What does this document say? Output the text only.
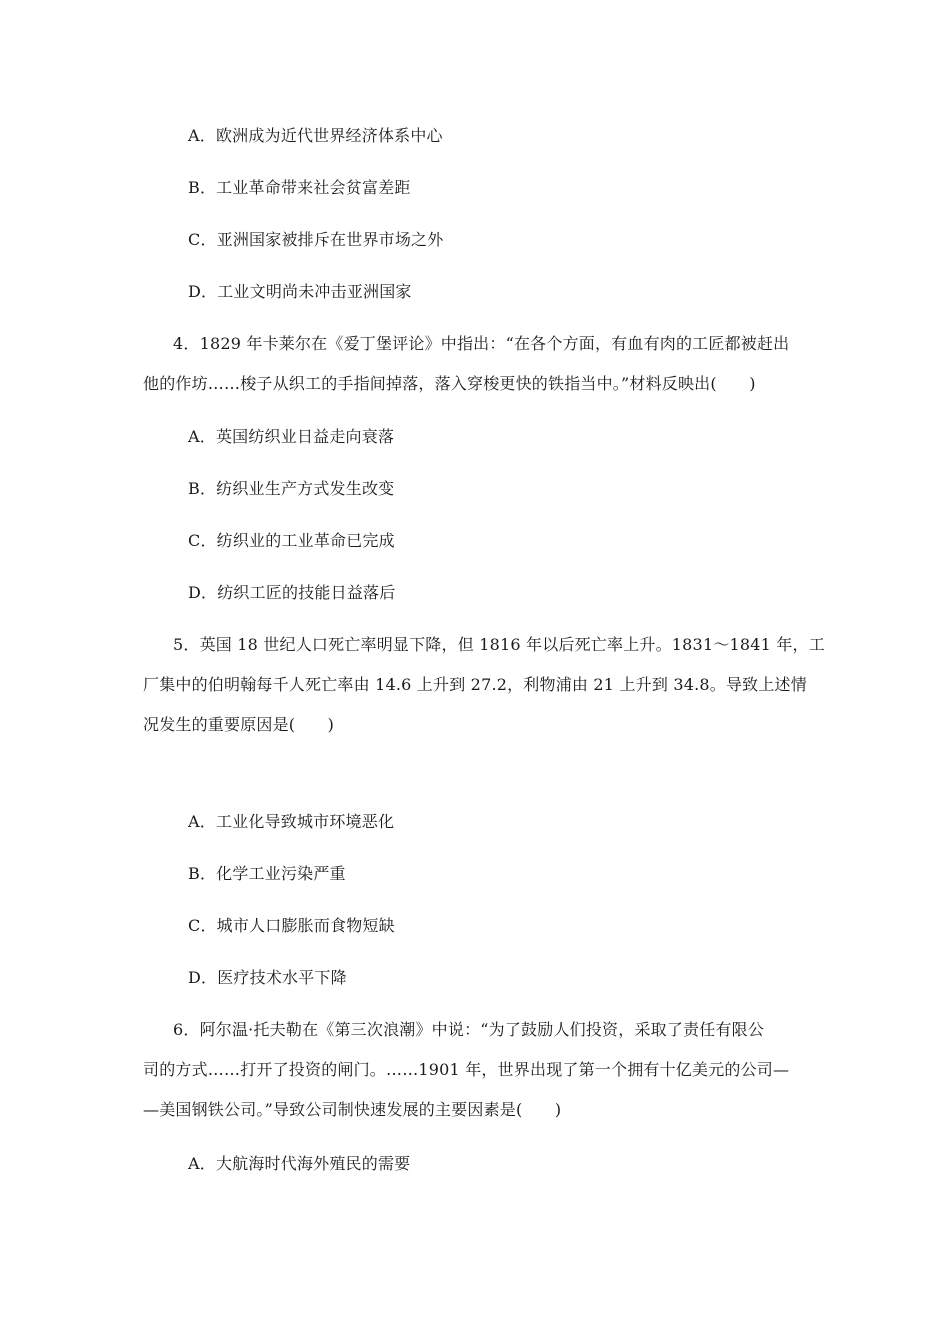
A．欧洲成为近代世界经济体系中心
B．工业革命带来社会贫富差距
C．亚洲国家被排斥在世界市场之外
D．工业文明尚未冲击亚洲国家
4．1829 年卡莱尔在《爱丁堡评论》中指出：“在各个方面，有血有肉的工匠都被赶出
他的作坊……梭子从织工的手指间掉落，落入穿梭更快的铁指当中。”材料反映出(　　)
A．英国纺织业日益走向衰落
B．纺织业生产方式发生改变
C．纺织业的工业革命已完成
D．纺织工匠的技能日益落后
5．英国 18 世纪人口死亡率明显下降，但 1816 年以后死亡率上升。1831～1841 年，工
厂集中的伯明翰每千人死亡率由 14.6 上升到 27.2，利物浦由 21 上升到 34.8。导致上述情
况发生的重要原因是(　　)
A．工业化导致城市环境恶化
B．化学工业污染严重
C．城市人口膨胀而食物短缺
D．医疗技术水平下降
6．阿尔温·托夫勒在《第三次浪潮》中说：“为了鼓励人们投资，采取了责任有限公
司的方式……打开了投资的闸门。……1901 年，世界出现了第一个拥有十亿美元的公司—
—美国钢铁公司。”导致公司制快速发展的主要因素是(　　)
A．大航海时代海外殖民的需要
